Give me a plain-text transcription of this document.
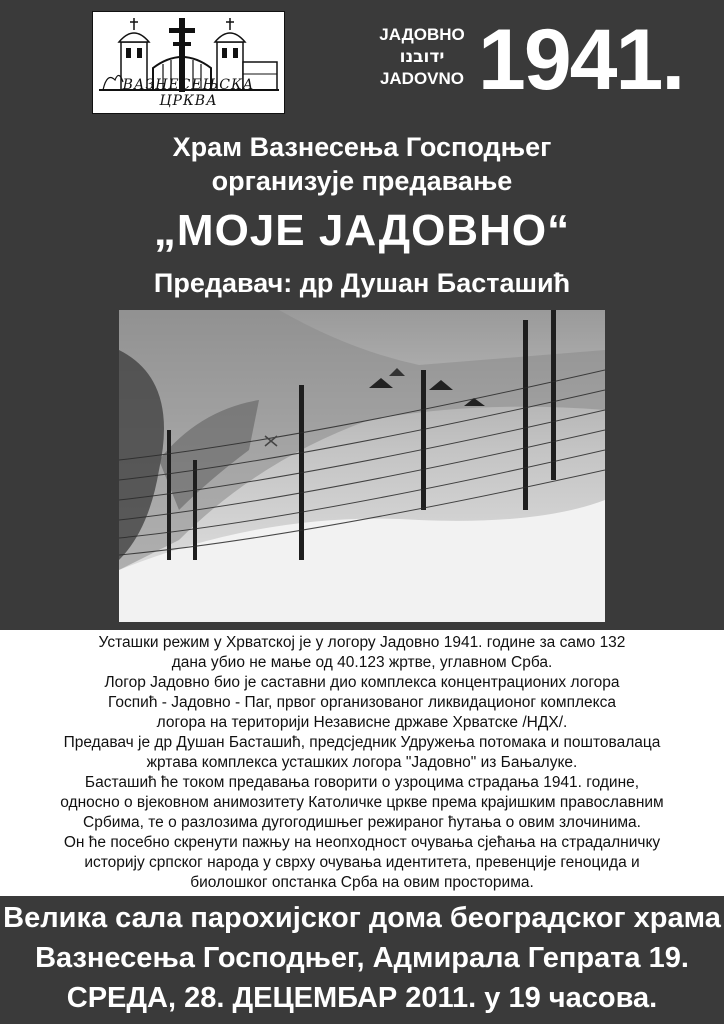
ВАЗНЕСЕЊСКА ЦРКВА
ЈАДОВНО
ידובנו
JADOVNO 1941.
Храм Вазнесења Господњег
организује предавање
„МОЈЕ ЈАДОВНО“
Предавач: др Душан Басташић
Усташки режим у Хрватској је у логору Јадовно 1941. године за само 132
дана убио не мање од 40.123 жртве, углавном Срба.
Логор Јадовно био је саставни дио комплекса концентрационих логора
Госпић - Јадовно - Паг, првог организованог ликвидационог комплекса
логора на територији Независне државе Хрватске /НДХ/.
Предавач је др Душан Басташић, предсједник Удружења потомака и поштовалаца
жртава комплекса усташких логора "Јадовно" из Бањалуке.
Басташић ће током предавања говорити о узроцима страдања 1941. године,
односно о вјековном анимозитету Католичке цркве према крајишким православним
Србима, те о разлозима дугогодишњег режираног ћутања о овим злочинима.
Он ће посебно скренути пажњу на неопходност очувања сјећања на страдалничку
историју српског народа у сврху очувања идентитета, превенције геноцида и
биолошког опстанка Срба на овим просторима.
Велика сала парохијског дома београдског храма
Вазнесења Господњег, Адмирала Гепрата 19.
СРЕДА, 28. ДЕЦЕМБАР 2011. у 19 часова.
